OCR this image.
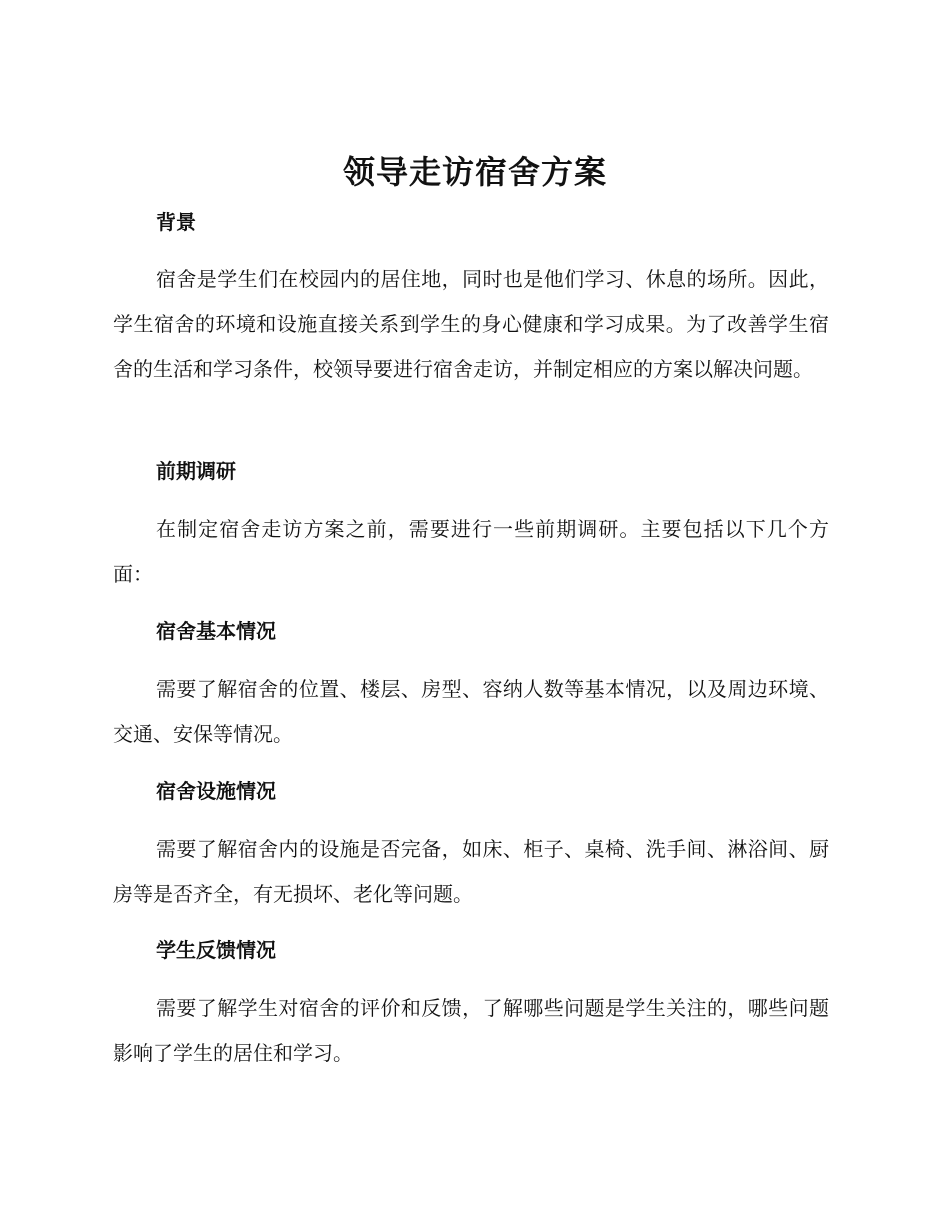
领导走访宿舍方案
背景
宿舍是学生们在校园内的居住地，同时也是他们学习、休息的场所。因此，学生宿舍的环境和设施直接关系到学生的身心健康和学习成果。为了改善学生宿舍的生活和学习条件，校领导要进行宿舍走访，并制定相应的方案以解决问题。
前期调研
在制定宿舍走访方案之前，需要进行一些前期调研。主要包括以下几个方面：
宿舍基本情况
需要了解宿舍的位置、楼层、房型、容纳人数等基本情况，以及周边环境、交通、安保等情况。
宿舍设施情况
需要了解宿舍内的设施是否完备，如床、柜子、桌椅、洗手间、淋浴间、厨房等是否齐全，有无损坏、老化等问题。
学生反馈情况
需要了解学生对宿舍的评价和反馈，了解哪些问题是学生关注的，哪些问题影响了学生的居住和学习。
